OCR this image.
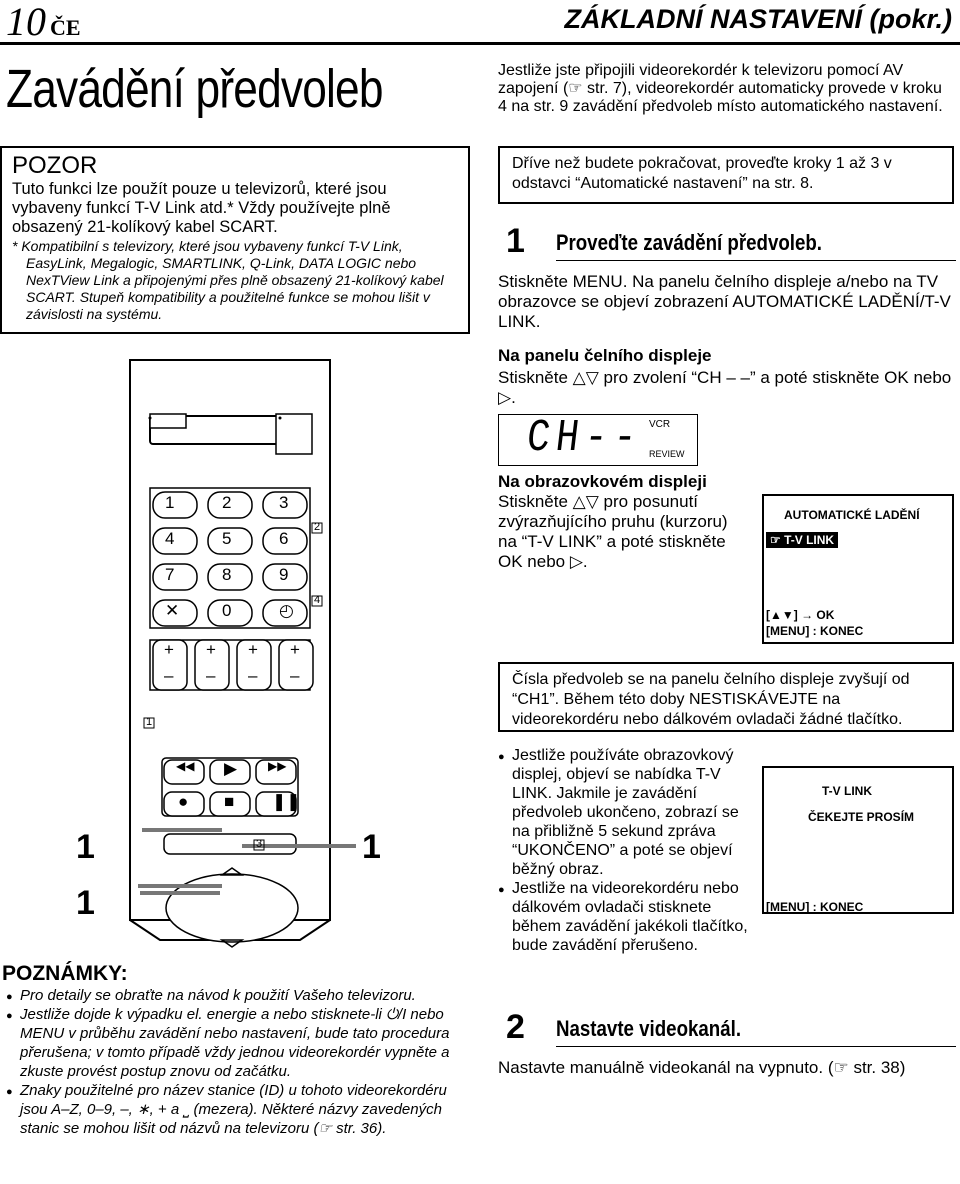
10 ČE	ZÁKLADNÍ NASTAVENÍ (pokr.)
Zavádění předvoleb
POZOR

Tuto funkci lze použít pouze u televizorů, které jsou vybaveny funkcí T-V Link atd.* Vždy používejte plně obsazený 21-kolíkový kabel SCART.

* Kompatibilní s televizory, které jsou vybaveny funkcí T-V Link, EasyLink, Megalogic, SMARTLINK, Q-Link, DATA LOGIC nebo NexTView Link a připojenými přes plně obsazený 21-kolíkový kabel SCART. Stupeň kompatibility a použitelné funkce se mohou lišit v závislosti na systému.

1	2	3
4	5	6
7	8	9
✕	0	◴
+ + + +
– – – –
◀◀ ▶	▶▶
● ■ ❚❚
2
4
1
3
1
1
1
POZNÁMKY:
● Pro detaily se obraťte na návod k použití Vašeho televizoru.
● Jestliže dojde k výpadku el. energie a nebo stisknete-li ⏻/I nebo MENU v průběhu zavádění nebo nastavení, bude tato procedura přerušena; v tomto případě vždy jednou videorekordér vypněte a zkuste provést postup znovu od začátku.
● Znaky použitelné pro název stanice (ID) u tohoto videorekordéru jsou A–Z, 0–9, –, ∗, + a ⎵ (mezera). Některé názvy zavedených stanic se mohou lišit od názvů na televizoru (☞ str. 36).
Jestliže jste připojili videorekordér k televizoru pomocí AV zapojení (☞ str. 7), videorekordér automaticky provede v kroku 4 na str. 9 zavádění předvoleb místo automatického nastavení.
Dříve než budete pokračovat, proveďte kroky 1 až 3 v odstavci “Automatické nastavení” na str. 8.
1	Proveďte zavádění předvoleb.
Stiskněte MENU. Na panelu čelního displeje a/nebo na TV obrazovce se objeví zobrazení AUTOMATICKÉ LADĚNÍ/T-V LINK.
Na panelu čelního displeje
Stiskněte △▽ pro zvolení “CH – –” a poté stiskněte OK nebo ▷.
CH-- VCR
REVIEW
Na obrazovkovém displeji
Stiskněte △▽ pro posunutí zvýrazňujícího pruhu (kurzoru) na “T-V LINK” a poté stiskněte OK nebo ▷.
AUTOMATICKÉ LADĚNÍ
☞ T-V LINK
[▲▼] → OK
[MENU] : KONEC
Čísla předvoleb se na panelu čelního displeje zvyšují od “CH1”. Během této doby NESTISKÁVEJTE na videorekordéru nebo dálkovém ovladači žádné tlačítko.
● Jestliže používáte obrazovkový displej, objeví se nabídka T-V LINK. Jakmile je zavádění předvoleb ukončeno, zobrazí se na přibližně 5 sekund zpráva “UKONČENO” a poté se objeví běžný obraz.
● Jestliže na videorekordéru nebo dálkovém ovladači stisknete během zavádění jakékoli tlačítko, bude zavádění přerušeno.
T-V LINK
ČEKEJTE PROSÍM
[MENU] : KONEC
2	Nastavte videokanál.
Nastavte manuálně videokanál na vypnuto. (☞ str. 38)
